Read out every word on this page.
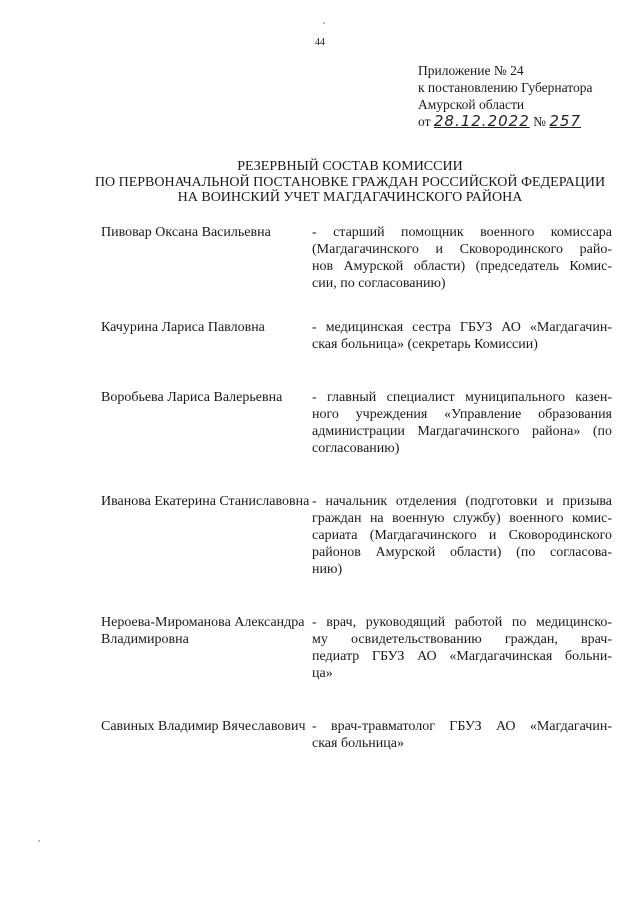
44
Приложение № 24
к постановлению Губернатора
Амурской области
от 28.12.2022 № 257
РЕЗЕРВНЫЙ СОСТАВ КОМИССИИ
ПО ПЕРВОНАЧАЛЬНОЙ ПОСТАНОВКЕ ГРАЖДАН РОССИЙСКОЙ ФЕДЕРАЦИИ
НА ВОИНСКИЙ УЧЕТ МАГДАГАЧИНСКОГО РАЙОНА
Пивовар Оксана Васильевна	- старший помощник военного комиссара
(Магдагачинского и Сковородинского райо-
нов Амурской области) (председатель Комис-
сии, по согласованию)
Качурина Лариса Павловна	- медицинская сестра ГБУЗ АО «Магдагачин-
ская больница» (секретарь Комиссии)
Воробьева Лариса Валерьевна	- главный специалист муниципального казен-
ного учреждения «Управление образования
администрации Магдагачинского района» (по
согласованию)
Иванова Екатерина Станиславовна - начальник отделения (подготовки и призыва
граждан на военную службу) военного комис-
сариата (Магдагачинского и Сковородинского
районов Амурской области) (по согласова-
нию)
Нероева-Мироманова Александра
Владимировна
- врач, руководящий работой по медицинско-
му освидетельствованию граждан, врач-
педиатр ГБУЗ АО «Магдагачинская больни-
ца»
Савиных Владимир Вячеславович - врач-травматолог ГБУЗ АО «Магдагачин-
ская больница»
